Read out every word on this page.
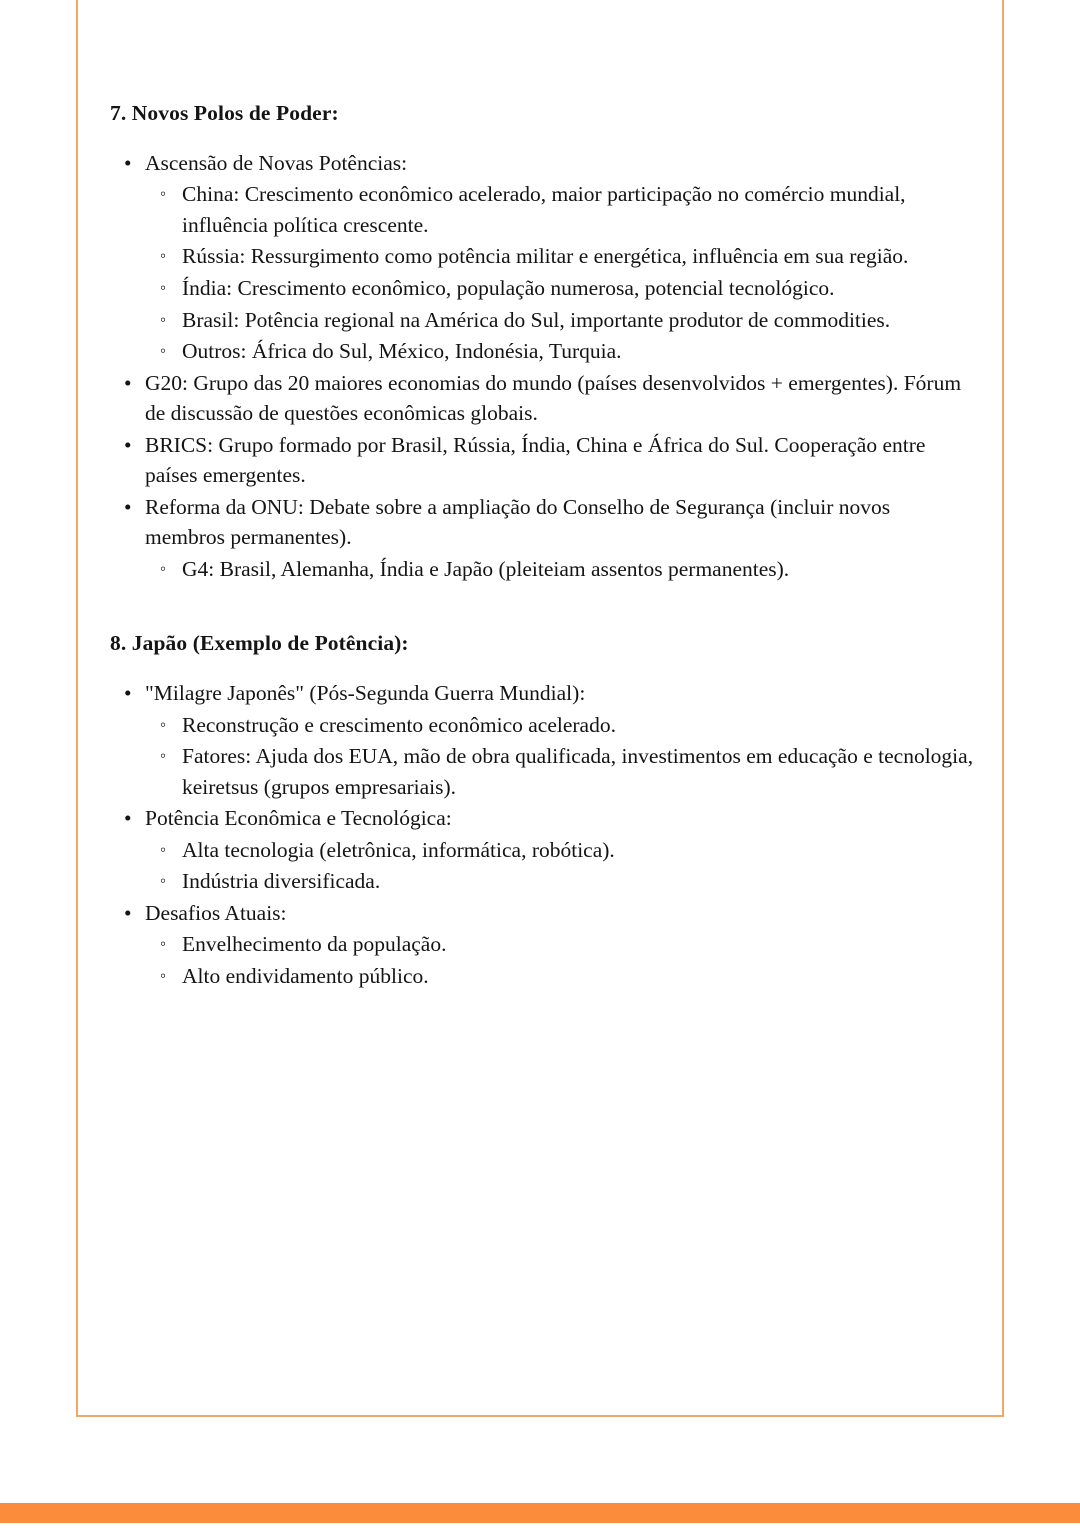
7. Novos Polos de Poder:
• Ascensão de Novas Potências:
◦ China: Crescimento econômico acelerado, maior participação no comércio mundial, influência política crescente.
◦ Rússia: Ressurgimento como potência militar e energética, influência em sua região.
◦ Índia: Crescimento econômico, população numerosa, potencial tecnológico.
◦ Brasil: Potência regional na América do Sul, importante produtor de commodities.
◦ Outros: África do Sul, México, Indonésia, Turquia.
• G20: Grupo das 20 maiores economias do mundo (países desenvolvidos + emergentes). Fórum de discussão de questões econômicas globais.
• BRICS: Grupo formado por Brasil, Rússia, Índia, China e África do Sul. Cooperação entre países emergentes.
• Reforma da ONU: Debate sobre a ampliação do Conselho de Segurança (incluir novos membros permanentes).
◦ G4: Brasil, Alemanha, Índia e Japão (pleiteiam assentos permanentes).
8. Japão (Exemplo de Potência):
• "Milagre Japonês" (Pós-Segunda Guerra Mundial):
◦ Reconstrução e crescimento econômico acelerado.
◦ Fatores: Ajuda dos EUA, mão de obra qualificada, investimentos em educação e tecnologia, keiretsus (grupos empresariais).
• Potência Econômica e Tecnológica:
◦ Alta tecnologia (eletrônica, informática, robótica).
◦ Indústria diversificada.
• Desafios Atuais:
◦ Envelhecimento da população.
◦ Alto endividamento público.
